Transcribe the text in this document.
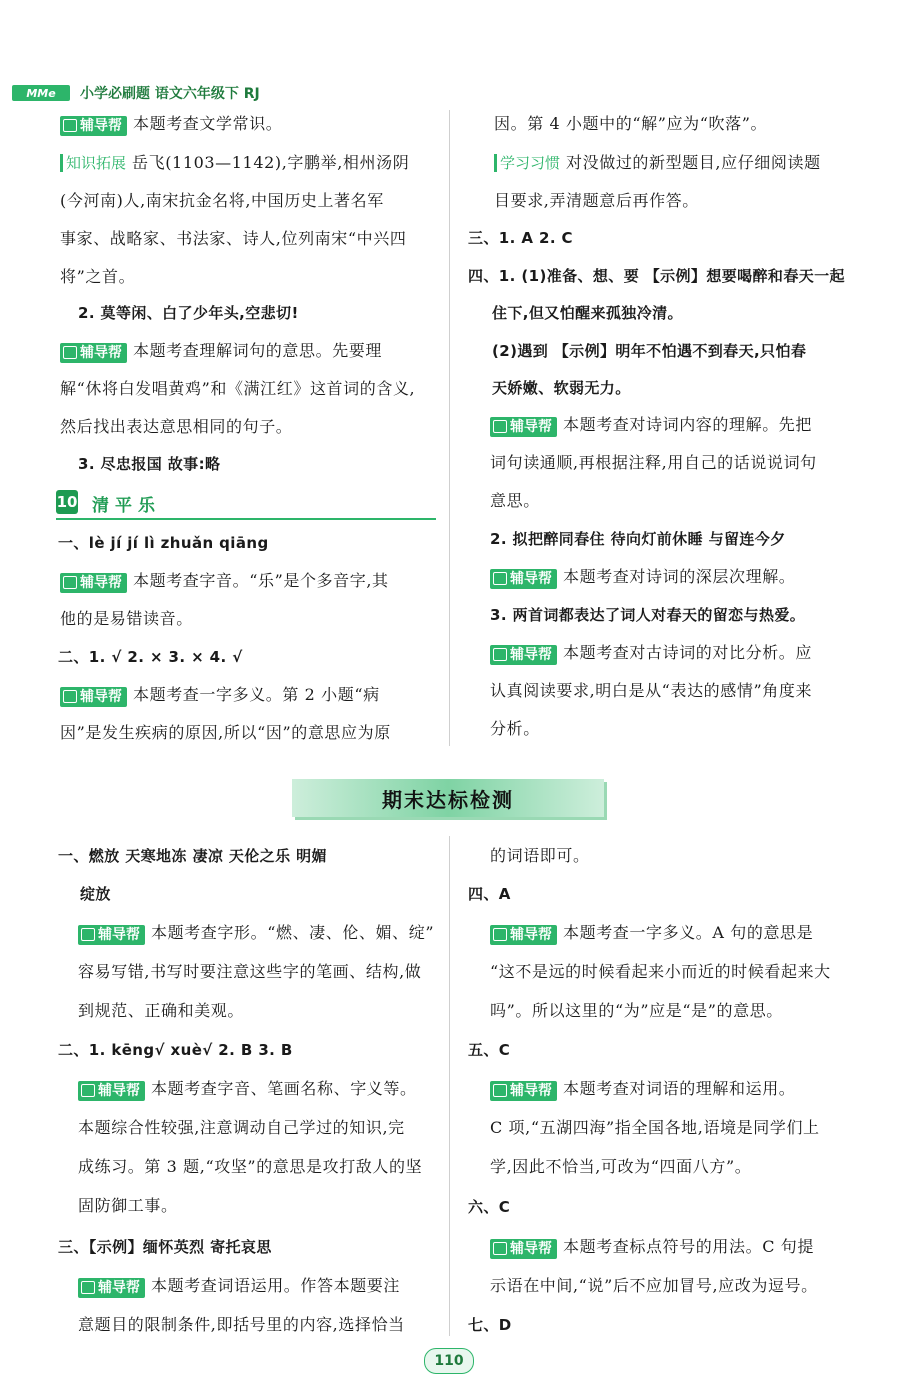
MMe 小学必刷题 语文六年级下 RJ
辅导帮 本题考查文学常识。
知识拓展 岳飞(1103—1142),字鹏举,相州汤阴
(今河南)人,南宋抗金名将,中国历史上著名军
事家、战略家、书法家、诗人,位列南宋“中兴四
将”之首。
2. 莫等闲、白了少年头,空悲切!
辅导帮 本题考查理解词句的意思。先要理
解“休将白发唱黄鸡”和《满江红》这首词的含义,
然后找出表达意思相同的句子。
3. 尽忠报国 故事:略
10 清平乐
一、lè jí jí lì zhuǎn qiāng
辅导帮 本题考查字音。“乐”是个多音字,其
他的是易错读音。
二、1. √ 2. × 3. × 4. √
辅导帮 本题考查一字多义。第 2 小题“病
因”是发生疾病的原因,所以“因”的意思应为原
因。第 4 小题中的“解”应为“吹落”。
学习习惯 对没做过的新型题目,应仔细阅读题
目要求,弄清题意后再作答。
三、1. A 2. C
四、1. (1)准备、想、要 【示例】想要喝醉和春天一起
住下,但又怕醒来孤独冷清。
(2)遇到 【示例】明年不怕遇不到春天,只怕春
天娇嫩、软弱无力。
辅导帮 本题考查对诗词内容的理解。先把
词句读通顺,再根据注释,用自己的话说说词句
意思。
2. 拟把醉同春住 待向灯前休睡 与留连今夕
辅导帮 本题考查对诗词的深层次理解。
3. 两首词都表达了词人对春天的留恋与热爱。
辅导帮 本题考查对古诗词的对比分析。应
认真阅读要求,明白是从“表达的感情”角度来
分析。
期末达标检测
一、燃放 天寒地冻 凄凉 天伦之乐 明媚
绽放
辅导帮 本题考查字形。“燃、凄、伦、媚、绽”
容易写错,书写时要注意这些字的笔画、结构,做
到规范、正确和美观。
二、1. kēng√ xuè√ 2. B 3. B
辅导帮 本题考查字音、笔画名称、字义等。
本题综合性较强,注意调动自己学过的知识,完
成练习。第 3 题,“攻坚”的意思是攻打敌人的坚
固防御工事。
三、【示例】缅怀英烈 寄托哀思
辅导帮 本题考查词语运用。作答本题要注
意题目的限制条件,即括号里的内容,选择恰当
的词语即可。
四、A
辅导帮 本题考查一字多义。A 句的意思是
“这不是远的时候看起来小而近的时候看起来大
吗”。所以这里的“为”应是“是”的意思。
五、C
辅导帮 本题考查对词语的理解和运用。
C 项,“五湖四海”指全国各地,语境是同学们上
学,因此不恰当,可改为“四面八方”。
六、C
辅导帮 本题考查标点符号的用法。C 句提
示语在中间,“说”后不应加冒号,应改为逗号。
七、D
110
